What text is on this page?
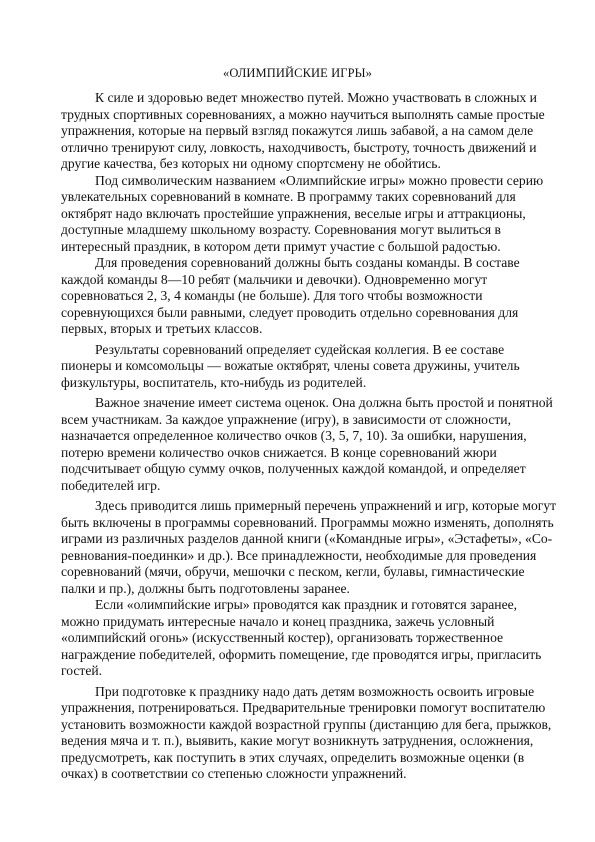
«ОЛИМПИЙСКИЕ ИГРЫ»

К силе и здоровью ведет множество путей. Можно участвовать в сложных и трудных спортивных соревнованиях, а можно научиться выполнять самые простые упражнения, которые на первый взгляд покажутся лишь забавой, а на самом деле отлично тренируют силу, ловкость, находчивость, быстроту, точность движений и другие качества, без которых ни одному спортсмену не обойтись.

Под символическим названием «Олимпийские игры» можно провести серию увлекательных соревнований в комнате. В программу таких соревнований для октябрят надо включать простейшие упражнения, веселые игры и аттракционы, доступные младшему школьному возрасту. Соревнования могут вылиться в интересный праздник, в котором дети примут участие с большой радостью.

Для проведения соревнований должны быть созданы команды. В составе каждой команды 8—10 ребят (мальчики и девочки). Одновременно могут соревноваться 2, 3, 4 команды (не больше). Для того чтобы возможности соревнующихся были равными, следует проводить отдельно соревнования для первых, вторых и третьих классов.

Результаты соревнований определяет судейская коллегия. В ее составе пионеры и комсомольцы — вожатые октябрят, члены совета дружины, учитель физкультуры, воспитатель, кто-нибудь из родителей.

Важное значение имеет система оценок. Она должна быть простой и понятной всем участникам. За каждое упражнение (игру), в зависимости от сложности, назначается определенное количество очков (3, 5, 7, 10). За ошибки, нарушения, потерю времени количество очков снижается. В конце соревнований жюри подсчитывает общую сумму очков, полученных каждой командой, и определяет победителей игр.

Здесь приводится лишь примерный перечень упражнений и игр, которые могут быть включены в программы соревнований. Программы можно изменять, дополнять играми из различных разделов данной книги («Командные игры», «Эстафеты», «Со-ревнования-поединки» и др.). Все принадлежности, необходимые для проведения соревнований (мячи, обручи, мешочки с песком, кегли, булавы, гимнастические палки и пр.), должны быть подготовлены заранее.

Если «олимпийские игры» проводятся как праздник и готовятся заранее, можно придумать интересные начало и конец праздника, зажечь условный «олимпийский огонь» (искусственный костер), организовать торжественное награждение победителей, оформить помещение, где проводятся игры, пригласить гостей.

При подготовке к празднику надо дать детям возможность освоить игровые упражнения, потренироваться. Предварительные тренировки помогут воспитателю установить возможности каждой возрастной группы (дистанцию для бега, прыжков, ведения мяча и т. п.), выявить, какие могут возникнуть затруднения, осложнения, предусмотреть, как поступить в этих случаях, определить возможные оценки (в очках) в соответствии со степенью сложности упражнений.
